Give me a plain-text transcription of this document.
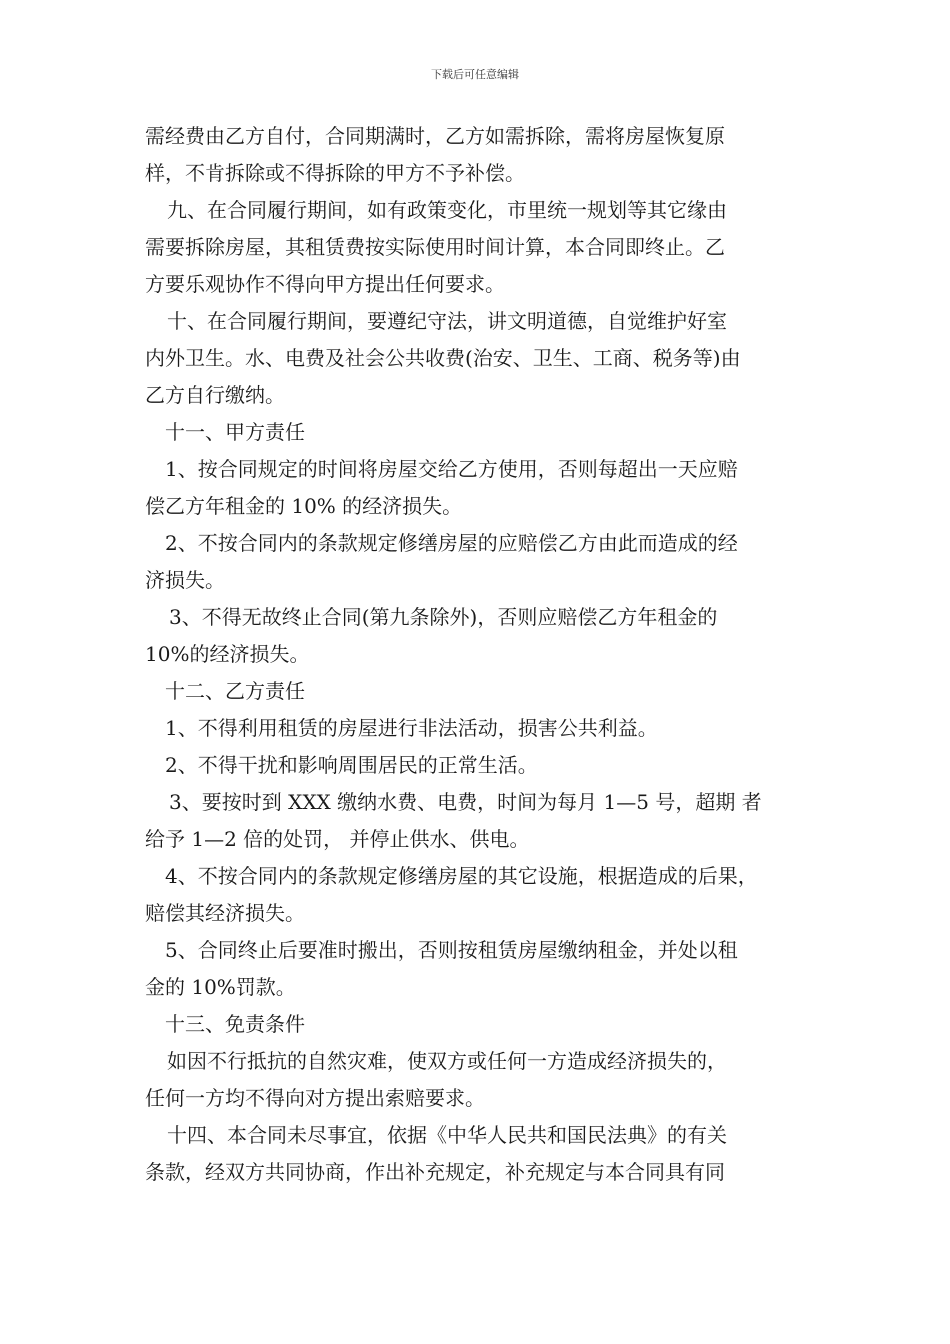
下载后可任意编辑
需经费由乙方自付，合同期满时，乙方如需拆除，需将房屋恢复原
样，不肯拆除或不得拆除的甲方不予补偿。
九、在合同履行期间，如有政策变化，市里统一规划等其它缘由
需要拆除房屋，其租赁费按实际使用时间计算，本合同即终止。乙
方要乐观协作不得向甲方提出任何要求。
十、在合同履行期间，要遵纪守法，讲文明道德，自觉维护好室
内外卫生。水、电费及社会公共收费(治安、卫生、工商、税务等)由
乙方自行缴纳。
十一、甲方责任
1、按合同规定的时间将房屋交给乙方使用，否则每超出一天应赔
偿乙方年租金的 10% 的经济损失。
2、不按合同内的条款规定修缮房屋的应赔偿乙方由此而造成的经
济损失。
3、不得无故终止合同(第九条除外)，否则应赔偿乙方年租金的
10%的经济损失。
十二、乙方责任
1、不得利用租赁的房屋进行非法活动，损害公共利益。
2、不得干扰和影响周围居民的正常生活。
3、要按时到 XXX 缴纳水费、电费，时间为每月 1—5 号，超期 者
给予 1—2 倍的处罚， 并停止供水、供电。
4、不按合同内的条款规定修缮房屋的其它设施，根据造成的后果，
赔偿其经济损失。
5、合同终止后要准时搬出，否则按租赁房屋缴纳租金，并处以租
金的 10%罚款。
十三、免责条件
如因不行抵抗的自然灾难，使双方或任何一方造成经济损失的，
任何一方均不得向对方提出索赔要求。
十四、本合同未尽事宜，依据《中华人民共和国民法典》的有关
条款，经双方共同协商，作出补充规定，补充规定与本合同具有同
